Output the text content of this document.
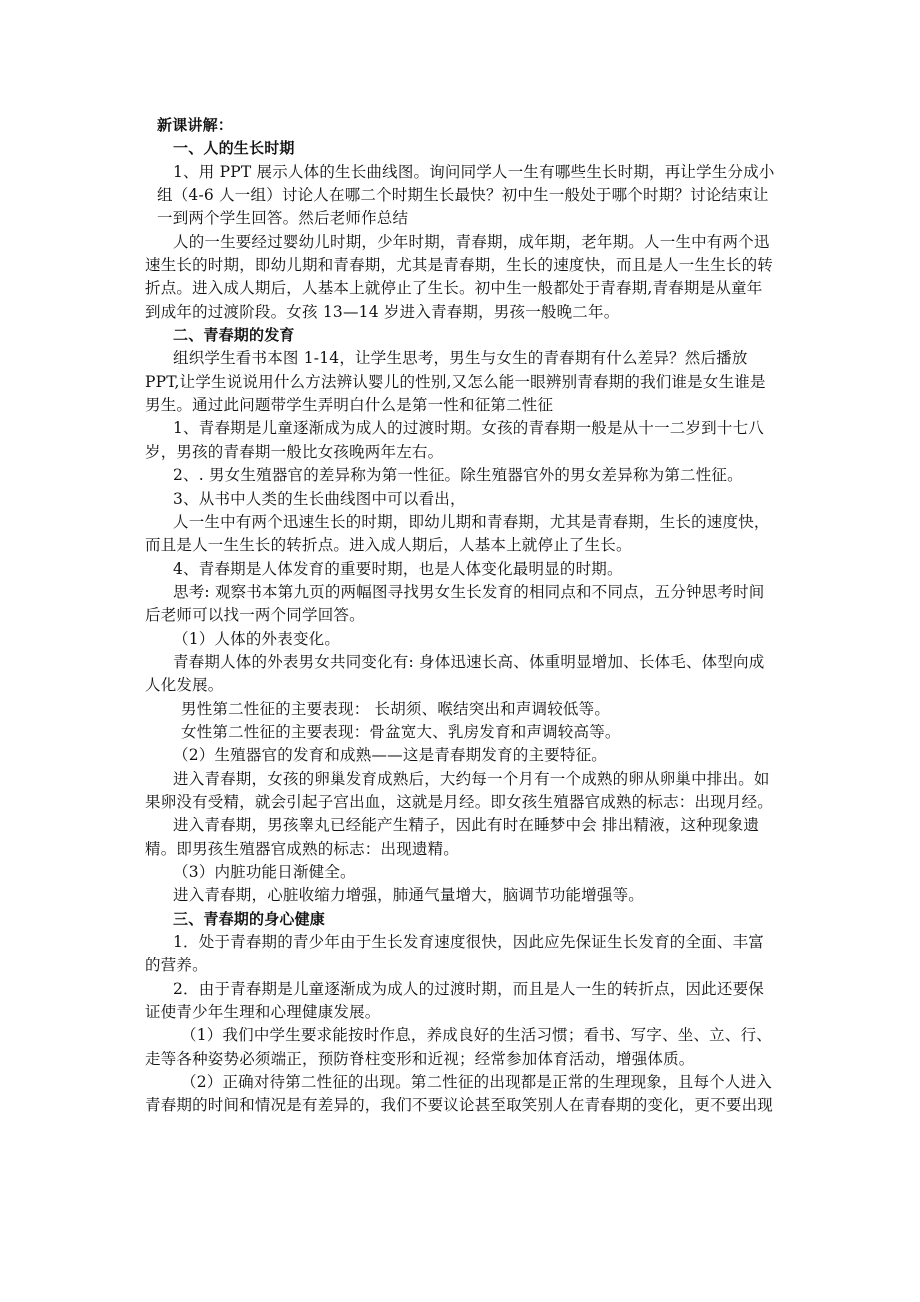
新课讲解：
一、人的生长时期
1、用 PPT 展示人体的生长曲线图。询问同学人一生有哪些生长时期，再让学生分成小
组（4-6 人一组）讨论人在哪二个时期生长最快？初中生一般处于哪个时期？讨论结束让
一到两个学生回答。然后老师作总结
人的一生要经过婴幼儿时期，少年时期，青春期，成年期，老年期。人一生中有两个迅
速生长的时期，即幼儿期和青春期，尤其是青春期，生长的速度快，而且是人一生生长的转
折点。进入成人期后，人基本上就停止了生长。初中生一般都处于青春期,青春期是从童年
到成年的过渡阶段。女孩 13—14 岁进入青春期，男孩一般晚二年。
二、青春期的发育
组织学生看书本图 1-14，让学生思考，男生与女生的青春期有什么差异？然后播放
PPT,让学生说说用什么方法辨认婴儿的性别,又怎么能一眼辨别青春期的我们谁是女生谁是
男生。通过此问题带学生弄明白什么是第一性和征第二性征
1、青春期是儿童逐渐成为成人的过渡时期。女孩的青春期一般是从十一二岁到十七八
岁，男孩的青春期一般比女孩晚两年左右。
2、. 男女生殖器官的差异称为第一性征。除生殖器官外的男女差异称为第二性征。
3、从书中人类的生长曲线图中可以看出，
人一生中有两个迅速生长的时期，即幼儿期和青春期，尤其是青春期，生长的速度快，
而且是人一生生长的转折点。进入成人期后，人基本上就停止了生长。
4、青春期是人体发育的重要时期，也是人体变化最明显的时期。
思考: 观察书本第九页的两幅图寻找男女生长发育的相同点和不同点，五分钟思考时间
后老师可以找一两个同学回答。
（1）人体的外表变化。
青春期人体的外表男女共同变化有: 身体迅速长高、体重明显增加、长体毛、体型向成
人化发展。
男性第二性征的主要表现： 长胡须、喉结突出和声调较低等。
女性第二性征的主要表现：骨盆宽大、乳房发育和声调较高等。
（2）生殖器官的发育和成熟——这是青春期发育的主要特征。
进入青春期，女孩的卵巢发育成熟后，大约每一个月有一个成熟的卵从卵巢中排出。如
果卵没有受精，就会引起子宫出血，这就是月经。即女孩生殖器官成熟的标志：出现月经。
进入青春期，男孩睾丸已经能产生精子，因此有时在睡梦中会 排出精液，这种现象遗
精。即男孩生殖器官成熟的标志：出现遗精。
（3）内脏功能日渐健全。
进入青春期，心脏收缩力增强，肺通气量增大，脑调节功能增强等。
三、青春期的身心健康
1．处于青春期的青少年由于生长发育速度很快，因此应先保证生长发育的全面、丰富
的营养。
2．由于青春期是儿童逐渐成为成人的过渡时期，而且是人一生的转折点，因此还要保
证使青少年生理和心理健康发展。
（1）我们中学生要求能按时作息，养成良好的生活习惯；看书、写字、坐、立、行、
走等各种姿势必须端正，预防脊柱变形和近视；经常参加体育活动，增强体质。
（2）正确对待第二性征的出现。第二性征的出现都是正常的生理现象，且每个人进入
青春期的时间和情况是有差异的，我们不要议论甚至取笑别人在青春期的变化，更不要出现
